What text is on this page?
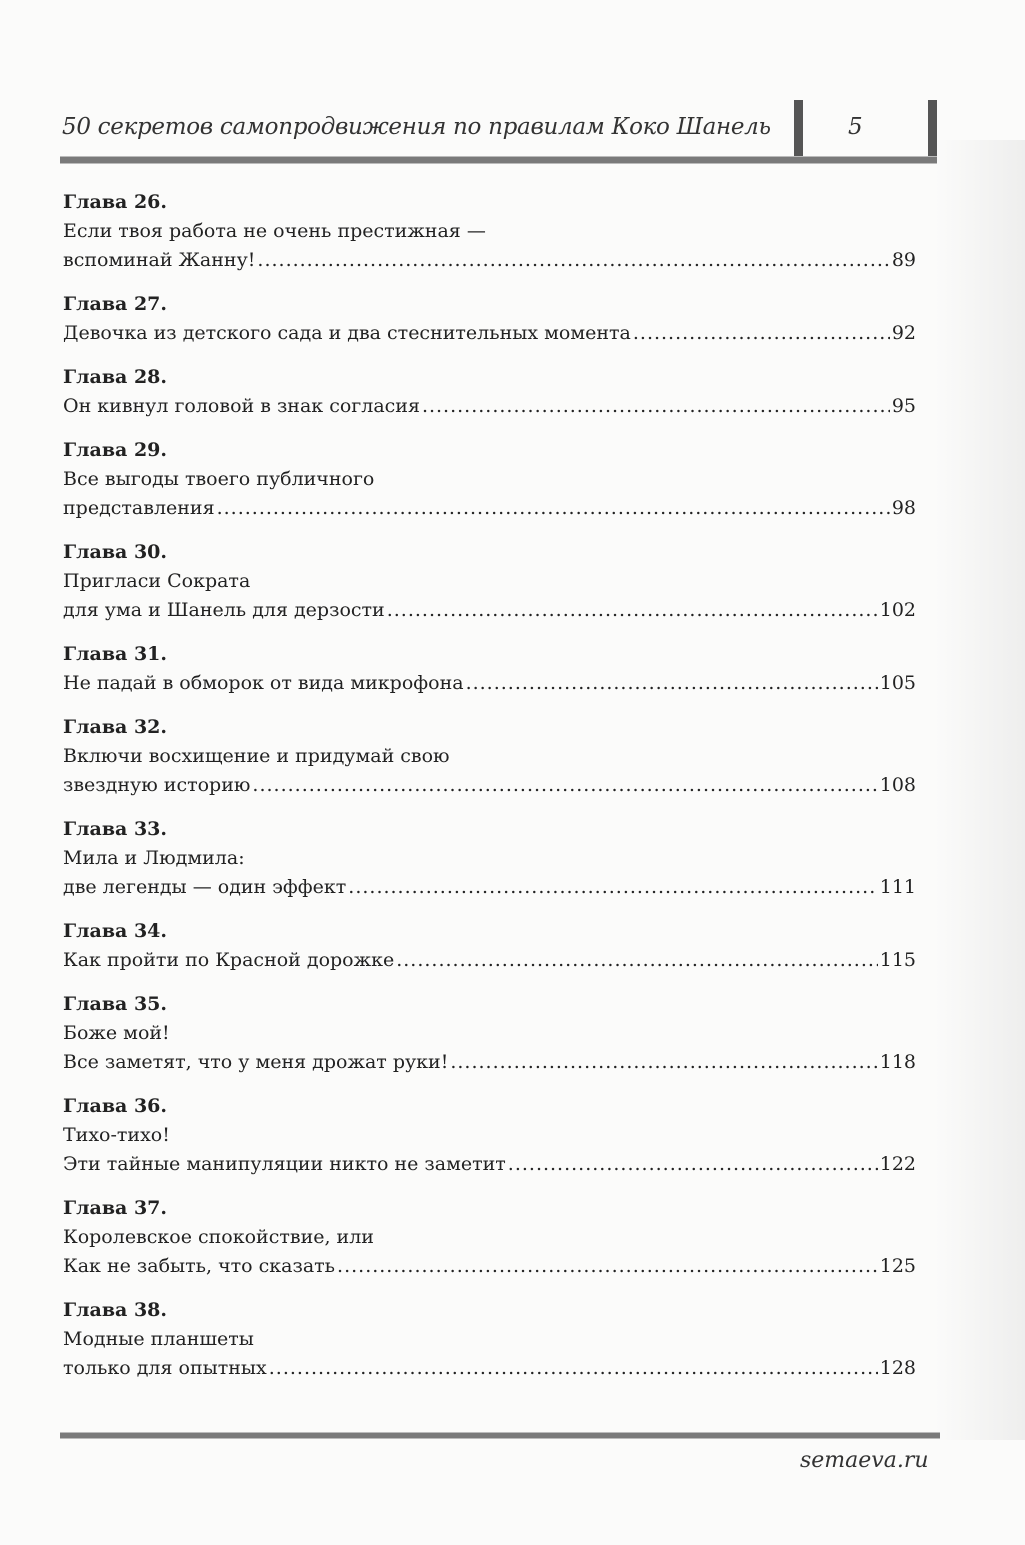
50 секретов самопродвижения по правилам Коко Шанель	5
Глава 26.
Если твоя работа не очень престижная —
вспоминай Жанну! .....	89
Глава 27.
Девочка из детского сада и два стеснительных момента .....	92
Глава 28.
Он кивнул головой в знак согласия .....	95
Глава 29.
Все выгоды твоего публичного
представления .....	98
Глава 30.
Пригласи Сократа
для ума и Шанель для дерзости .....	102
Глава 31.
Не падай в обморок от вида микрофона .....	105
Глава 32.
Включи восхищение и придумай свою
звездную историю .....	108
Глава 33.
Мила и Людмила:
две легенды — один эффект .....	111
Глава 34.
Как пройти по Красной дорожке .....	115
Глава 35.
Боже мой!
Все заметят, что у меня дрожат руки! .....	118
Глава 36.
Тихо-тихо!
Эти тайные манипуляции никто не заметит .....	122
Глава 37.
Королевское спокойствие, или
Как не забыть, что сказать .....	125
Глава 38.
Модные планшеты
только для опытных .....	128
semaeva.ru
